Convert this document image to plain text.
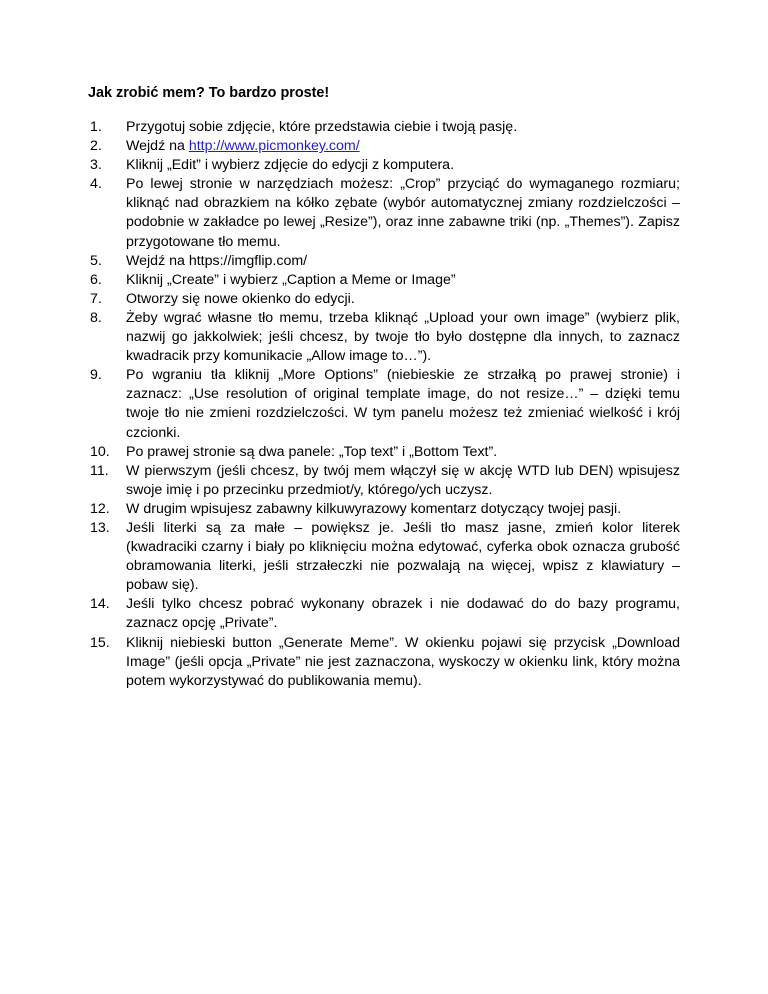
Jak zrobić mem? To bardzo proste!

1.	Przygotuj sobie zdjęcie, które przedstawia ciebie i twoją pasję.
2.	Wejdź na http://www.picmonkey.com/
3.	Kliknij „Edit” i wybierz zdjęcie do edycji z komputera.
4.	Po lewej stronie w narzędziach możesz: „Crop” przyciąć do wymaganego rozmiaru; kliknąć nad obrazkiem na kółko zębate (wybór automatycznej zmiany rozdzielczości – podobnie w zakładce po lewej „Resize”), oraz inne zabawne triki (np. „Themes”). Zapisz przygotowane tło memu.
5.	Wejdź na https://imgflip.com/
6.	Kliknij „Create” i wybierz „Caption a Meme or Image”
7.	Otworzy się nowe okienko do edycji.
8.	Żeby wgrać własne tło memu, trzeba kliknąć „Upload your own image” (wybierz plik, nazwij go jakkolwiek; jeśli chcesz, by twoje tło było dostępne dla innych, to zaznacz kwadracik przy komunikacie „Allow image to…”).
9.	Po wgraniu tła kliknij „More Options” (niebieskie ze strzałką po prawej stronie) i zaznacz: „Use resolution of original template image, do not resize…” – dzięki temu twoje tło nie zmieni rozdzielczości. W tym panelu możesz też zmieniać wielkość i krój czcionki.
10.	Po prawej stronie są dwa panele: „Top text” i „Bottom Text”.
11.	W pierwszym (jeśli chcesz, by twój mem włączył się w akcję WTD lub DEN) wpisujesz swoje imię i po przecinku przedmiot/y, którego/ych uczysz.
12.	W drugim wpisujesz zabawny kilkuwyrazowy komentarz dotyczący twojej pasji.
13.	Jeśli literki są za małe – powiększ je. Jeśli tło masz jasne, zmień kolor literek (kwadraciki czarny i biały po kliknięciu można edytować, cyferka obok oznacza grubość obramowania literki, jeśli strzałeczki nie pozwalają na więcej, wpisz z klawiatury – pobaw się).
14.	Jeśli tylko chcesz pobrać wykonany obrazek i nie dodawać do do bazy programu, zaznacz opcję „Private”.
15.	Kliknij niebieski button „Generate Meme”. W okienku pojawi się przycisk „Download Image” (jeśli opcja „Private” nie jest zaznaczona, wyskoczy w okienku link, który można potem wykorzystywać do publikowania memu).
